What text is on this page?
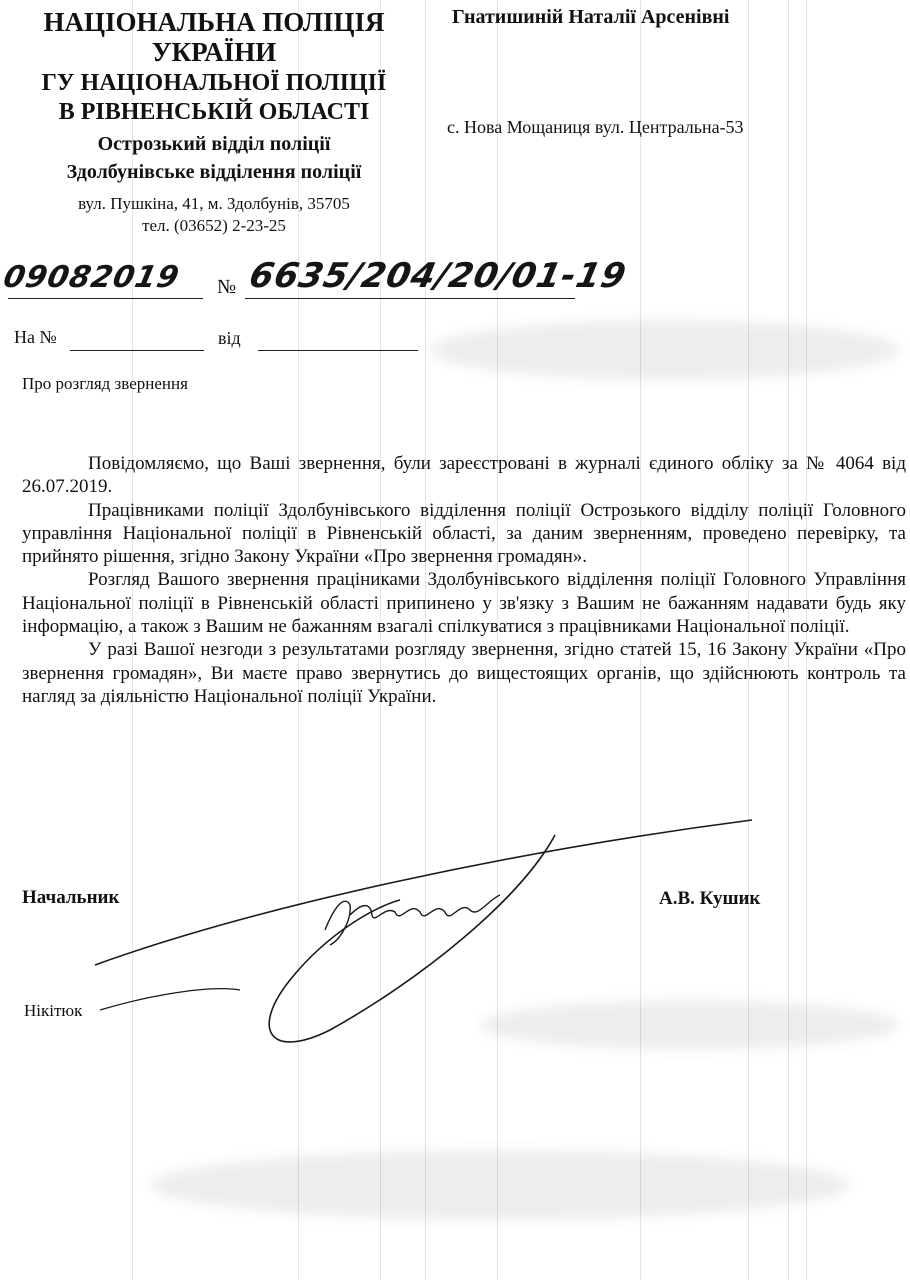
НАЦІОНАЛЬНА ПОЛІЦІЯ
УКРАЇНИ
ГУ НАЦІОНАЛЬНОЇ ПОЛІЦІЇ
В РІВНЕНСЬКІЙ ОБЛАСТІ
Острозький відділ поліції
Здолбунівське відділення поліції
вул. Пушкіна, 41, м. Здолбунів, 35705
тел. (03652) 2-23-25
Гнатишиній Наталії Арсенівні
с. Нова Мощаниця вул. Центральна-53
09082019 № 6635/204/20/01-19
На №	від
Про розгляд звернення

Повідомляємо, що Ваші звернення, були зареєстровані в журналі єдиного обліку за № 4064 від 26.07.2019.

Працівниками поліції Здолбунівського відділення поліції Острозького відділу поліції Головного управління Національної поліції в Рівненській області, за даним зверненням, проведено перевірку, та прийнято рішення, згідно Закону України «Про звернення громадян».

Розгляд Вашого звернення праціниками Здолбунівського відділення поліції Головного Управління Національної поліції в Рівненській області припинено у зв'язку з Вашим не бажанням надавати будь яку інформацію, а також з Вашим не бажанням взагалі спілкуватися з працівниками Національної поліції.

У разі Вашої незгоди з результатами розгляду звернення, згідно статей 15, 16 Закону України «Про звернення громадян», Ви маєте право звернутись до вищестоящих органів, що здійснюють контроль та нагляд за діяльністю Національної поліції України.

Начальник	А.В. Кушик
Нікітюк
